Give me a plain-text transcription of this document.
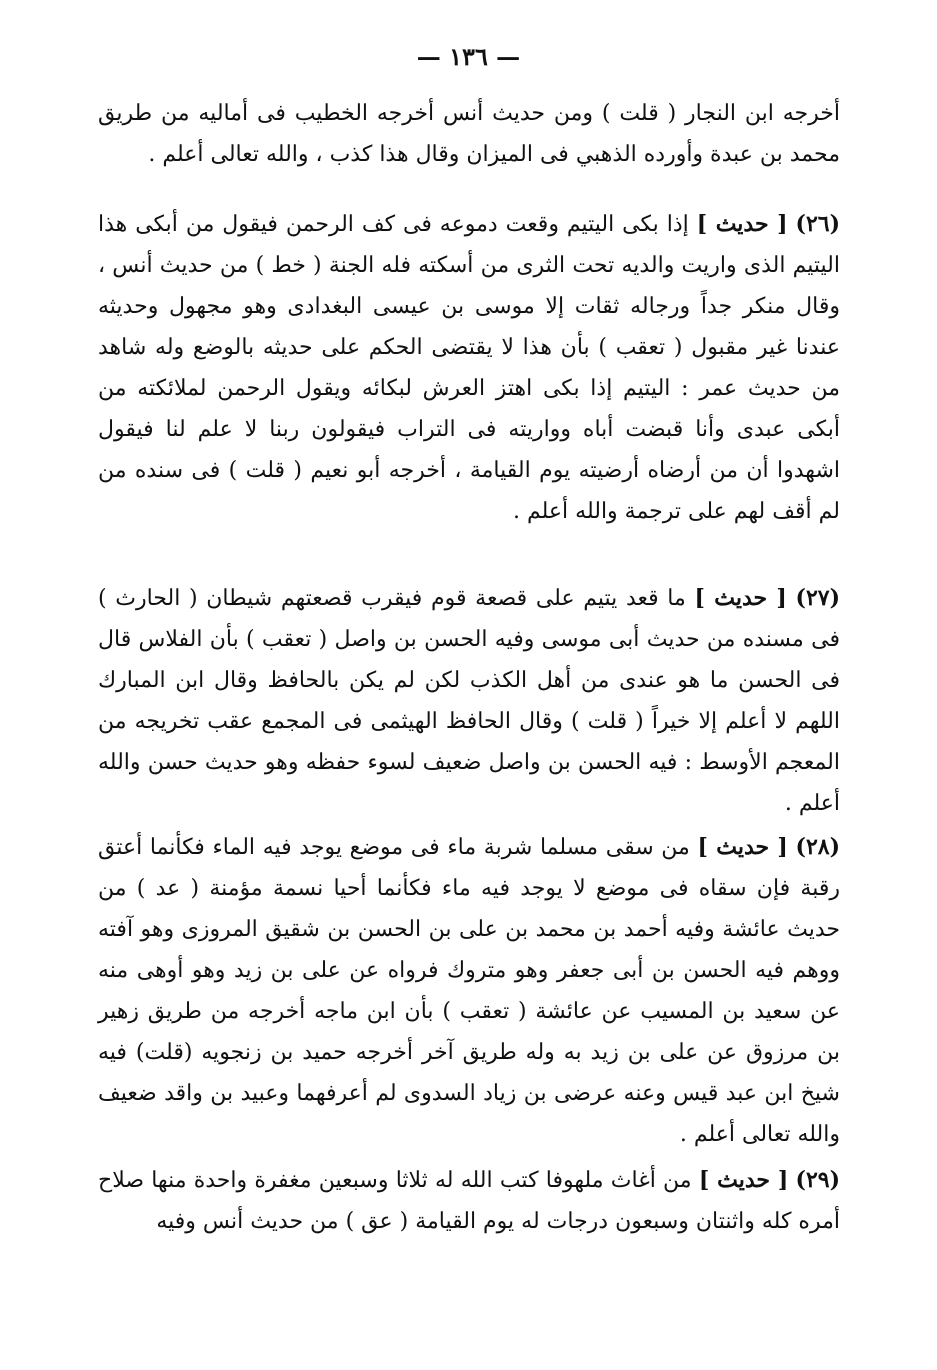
— ١٣٦ —

أخرجه ابن النجار ( قلت ) ومن حديث أنس أخرجه الخطيب فى أماليه من طريق محمد بن عبدة وأورده الذهبي فى الميزان وقال هذا كذب ، والله تعالى أعلم .

(٢٦) [ حديث ] إذا بكى اليتيم وقعت دموعه فى كف الرحمن فيقول من أبكى هذا اليتيم الذى واريت والديه تحت الثرى من أسكته فله الجنة ( خط ) من حديث أنس ، وقال منكر جداً ورجاله ثقات إلا موسى بن عيسى البغدادى وهو مجهول وحديثه عندنا غير مقبول ( تعقب ) بأن هذا لا يقتضى الحكم على حديثه بالوضع وله شاهد من حديث عمر : اليتيم إذا بكى اهتز العرش لبكائه ويقول الرحمن لملائكته من أبكى عبدى وأنا قبضت أباه وواريته فى التراب فيقولون ربنا لا علم لنا فيقول اشهدوا أن من أرضاه أرضيته يوم القيامة ، أخرجه أبو نعيم ( قلت ) فى سنده من لم أقف لهم على ترجمة والله أعلم .

(٢٧) [ حديث ] ما قعد يتيم على قصعة قوم فيقرب قصعتهم شيطان ( الحارث ) فى مسنده من حديث أبى موسى وفيه الحسن بن واصل ( تعقب ) بأن الفلاس قال فى الحسن ما هو عندى من أهل الكذب لكن لم يكن بالحافظ وقال ابن المبارك اللهم لا أعلم إلا خيراً ( قلت ) وقال الحافظ الهيثمى فى المجمع عقب تخريجه من المعجم الأوسط : فيه الحسن بن واصل ضعيف لسوء حفظه وهو حديث حسن والله أعلم .

(٢٨) [ حديث ] من سقى مسلما شربة ماء فى موضع يوجد فيه الماء فكأنما أعتق رقبة فإن سقاه فى موضع لا يوجد فيه ماء فكأنما أحيا نسمة مؤمنة ( عد ) من حديث عائشة وفيه أحمد بن محمد بن على بن الحسن بن شقيق المروزى وهو آفته ووهم فيه الحسن بن أبى جعفر وهو متروك فرواه عن على بن زيد وهو أوهى منه عن سعيد بن المسيب عن عائشة ( تعقب ) بأن ابن ماجه أخرجه من طريق زهير بن مرزوق عن على بن زيد به وله طريق آخر أخرجه حميد بن زنجويه (قلت) فيه شيخ ابن عبد قيس وعنه عرضى بن زياد السدوى لم أعرفهما وعبيد بن واقد ضعيف والله تعالى أعلم .

(٢٩) [ حديث ] من أغاث ملهوفا كتب الله له ثلاثا وسبعين مغفرة واحدة منها صلاح أمره كله واثنتان وسبعون درجات له يوم القيامة ( عق ) من حديث أنس وفيه
